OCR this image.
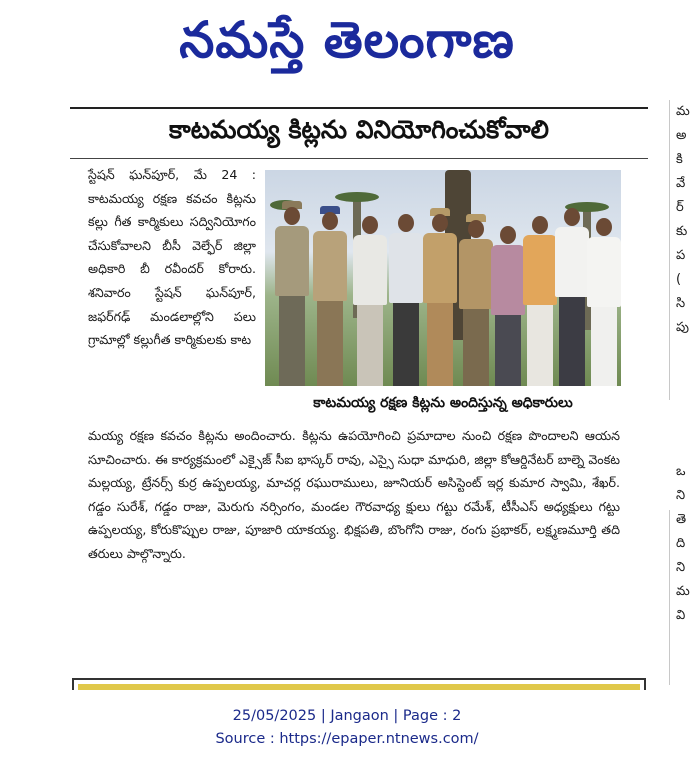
నమస్తే తెలంగాణ
కాటమయ్య కిట్లను వినియోగించుకోవాలి

స్టేషన్ ఘన్‌పూర్, మే 24 : కాటమయ్య రక్షణ కవచం కిట్లను కల్లు గీత కార్మికులు సద్వినియోగం చేసుకోవాలని బీసీ వెల్ఫేర్ జిల్లా అధికారి బీ రవీందర్ కోరారు. శనివారం స్టేషన్ ఘన్‌పూర్, జఫర్‌గఢ్ మండలాల్లోని పలు గ్రామాల్లో కల్లుగీత కార్మికులకు కాట

కాటమయ్య రక్షణ కిట్లను అందిస్తున్న అధికారులు

మయ్య రక్షణ కవచం కిట్లను అందించారు. కిట్లను ఉపయోగించి ప్రమాదాల నుంచి రక్షణ పొందాలని ఆయన సూచించారు. ఈ కార్యక్రమంలో ఎక్సైజ్ సీఐ భాస్కర్ రావు, ఎస్సై సుధా మాధురి, జిల్లా కోఆర్డినేటర్ బాల్నె వెంకట మల్లయ్య, ట్రేనర్స్ కుర్ర ఉప్పలయ్య, మాచర్ల రఘురాములు, జూనియర్ అసిస్టెంట్ ఇర్ల కుమార స్వామి, శేఖర్. గడ్డం సురేశ్, గడ్డం రాజు, మెరుగు నర్సింగం, మండల గౌరవాధ్య క్షులు గట్టు రమేశ్, టీసీఎస్ అధ్యక్షులు గట్టు ఉప్పలయ్య, కోరుకొప్పుల రాజు, పూజారి యాకయ్య. భిక్షపతి, బొంగోని రాజు, రంగు ప్రభాకర్, లక్ష్మణమూర్తి తది తరులు పాల్గొన్నారు.

మ
అ
కి
వే
ర్
కు
ప
(
సి
పు

ఒ
ని
తె
ది
ని
మ
వి
25/05/2025 | Jangaon | Page : 2
Source : https://epaper.ntnews.com/
